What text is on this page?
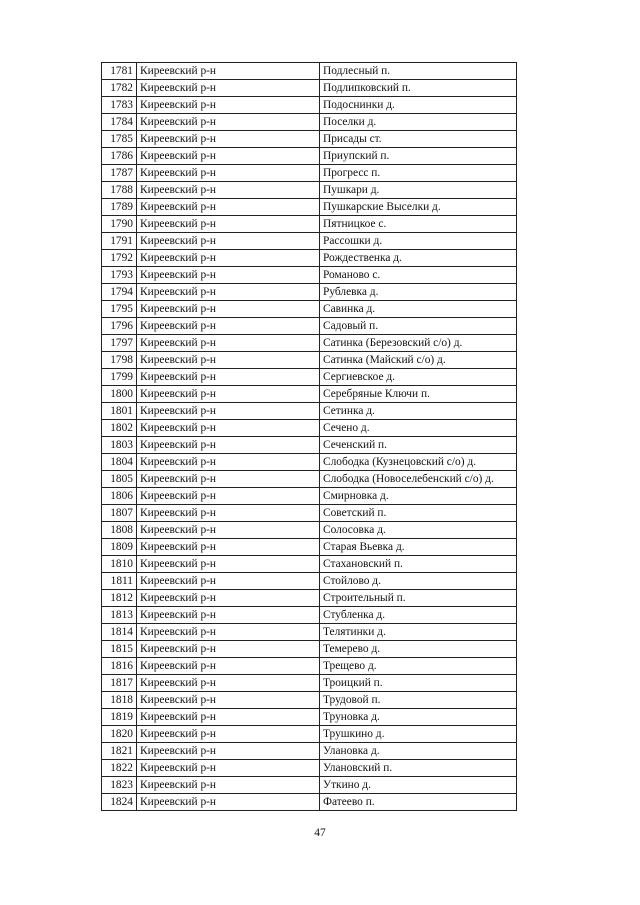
1781	Киреевский р-н	Подлесный п.
1782	Киреевский р-н	Подлипковский п.
1783	Киреевский р-н	Подоснинки д.
1784	Киреевский р-н	Поселки д.
1785	Киреевский р-н	Присады ст.
1786	Киреевский р-н	Приупский п.
1787	Киреевский р-н	Прогресс п.
1788	Киреевский р-н	Пушкари д.
1789	Киреевский р-н	Пушкарские Выселки д.
1790	Киреевский р-н	Пятницкое с.
1791	Киреевский р-н	Рассошки д.
1792	Киреевский р-н	Рождественка д.
1793	Киреевский р-н	Романово с.
1794	Киреевский р-н	Рублевка д.
1795	Киреевский р-н	Савинка д.
1796	Киреевский р-н	Садовый п.
1797	Киреевский р-н	Сатинка (Березовский с/о) д.
1798	Киреевский р-н	Сатинка (Майский с/о) д.
1799	Киреевский р-н	Сергиевское д.
1800	Киреевский р-н	Серебряные Ключи п.
1801	Киреевский р-н	Сетинка д.
1802	Киреевский р-н	Сечено д.
1803	Киреевский р-н	Сеченский п.
1804	Киреевский р-н	Слободка (Кузнецовский с/о) д.
1805	Киреевский р-н	Слободка (Новоселебенский с/о) д.
1806	Киреевский р-н	Смирновка д.
1807	Киреевский р-н	Советский п.
1808	Киреевский р-н	Солосовка д.
1809	Киреевский р-н	Старая Вьевка д.
1810	Киреевский р-н	Стахановский п.
1811	Киреевский р-н	Стойлово д.
1812	Киреевский р-н	Строительный п.
1813	Киреевский р-н	Стубленка д.
1814	Киреевский р-н	Телятинки д.
1815	Киреевский р-н	Темерево д.
1816	Киреевский р-н	Трещево д.
1817	Киреевский р-н	Троицкий п.
1818	Киреевский р-н	Трудовой п.
1819	Киреевский р-н	Труновка д.
1820	Киреевский р-н	Трушкино д.
1821	Киреевский р-н	Улановка д.
1822	Киреевский р-н	Улановский п.
1823	Киреевский р-н	Уткино д.
1824	Киреевский р-н	Фатеево п.
47
